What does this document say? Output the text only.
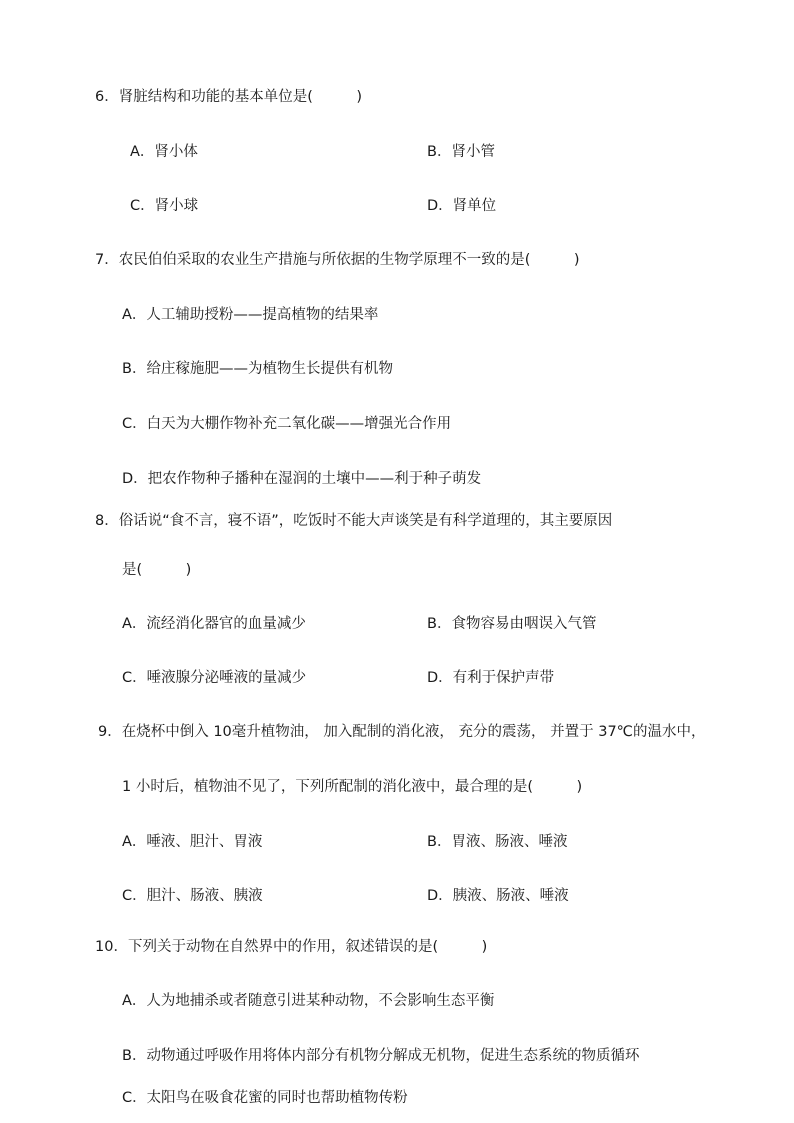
6．肾脏结构和功能的基本单位是(　　　)
A．肾小体	B．肾小管
C．肾小球	D．肾单位
7．农民伯伯采取的农业生产措施与所依据的生物学原理不一致的是(　　　)
A．人工辅助授粉——提高植物的结果率
B．给庄稼施肥——为植物生长提供有机物
C．白天为大棚作物补充二氧化碳——增强光合作用
D．把农作物种子播种在湿润的土壤中——利于种子萌发
8．俗话说“食不言，寝不语”，吃饭时不能大声谈笑是有科学道理的，其主要原因
是(　　　)
A．流经消化器官的血量减少	B．食物容易由咽误入气管
C．唾液腺分泌唾液的量减少	D．有利于保护声带
9．在烧杯中倒入 10毫升植物油， 加入配制的消化液， 充分的震荡， 并置于 37℃的温水中，
1 小时后，植物油不见了，下列所配制的消化液中，最合理的是(　　　)
A．唾液、胆汁、胃液	B．胃液、肠液、唾液
C．胆汁、肠液、胰液	D．胰液、肠液、唾液
10．下列关于动物在自然界中的作用，叙述错误的是(　　　)
A．人为地捕杀或者随意引进某种动物，不会影响生态平衡
B．动物通过呼吸作用将体内部分有机物分解成无机物，促进生态系统的物质循环
C．太阳鸟在吸食花蜜的同时也帮助植物传粉
